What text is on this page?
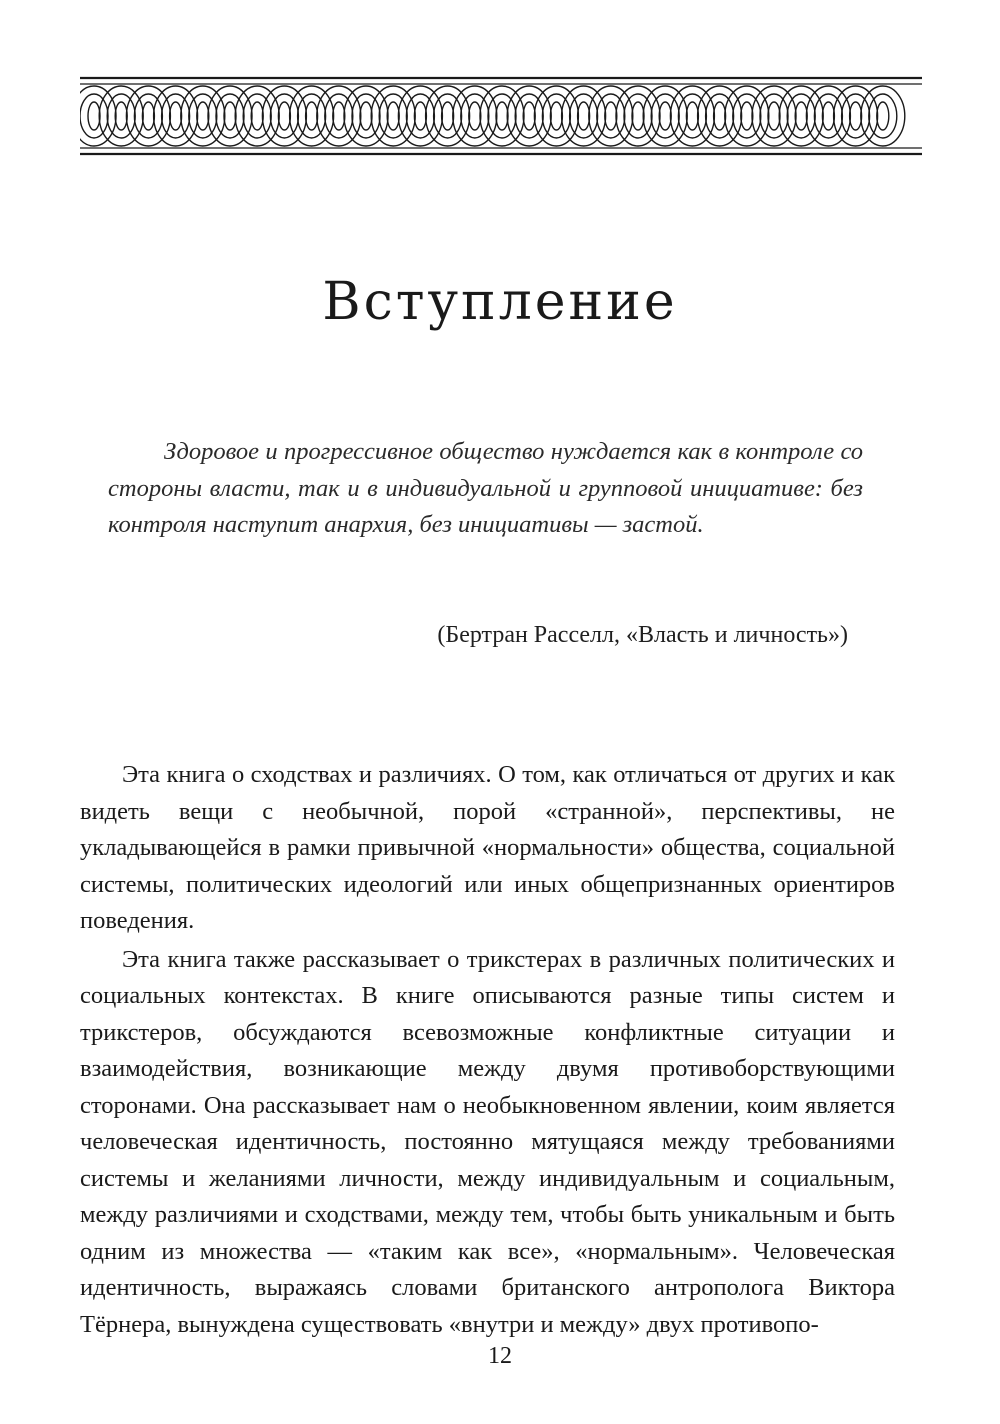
Вступление

Здоровое и прогрессивное общество нуждается как в контроле со стороны власти, так и в индивидуальной и групповой инициативе: без контроля наступит анархия, без инициативы — застой.

(Бертран Расселл, «Власть и личность»)

Эта книга о сходствах и различиях. О том, как отличаться от других и как видеть вещи с необычной, порой «странной», перспективы, не укладывающейся в рамки привычной «нормальности» общества, социальной системы, политических идеологий или иных общепризнанных ориентиров поведения.

Эта книга также рассказывает о трикстерах в различных политических и социальных контекстах. В книге описываются разные типы систем и трикстеров, обсуждаются всевозможные конфликтные ситуации и взаимодействия, возникающие между двумя противоборствующими сторонами. Она рассказывает нам о необыкновенном явлении, коим является человеческая идентичность, постоянно мятущаяся между требованиями системы и желаниями личности, между индивидуальным и социальным, между различиями и сходствами, между тем, чтобы быть уникальным и быть одним из множества — «таким как все», «нормальным». Человеческая идентичность, выражаясь словами британского антрополога Виктора Тёрнера, вынуждена существовать «внутри и между» двух противопо-

12
